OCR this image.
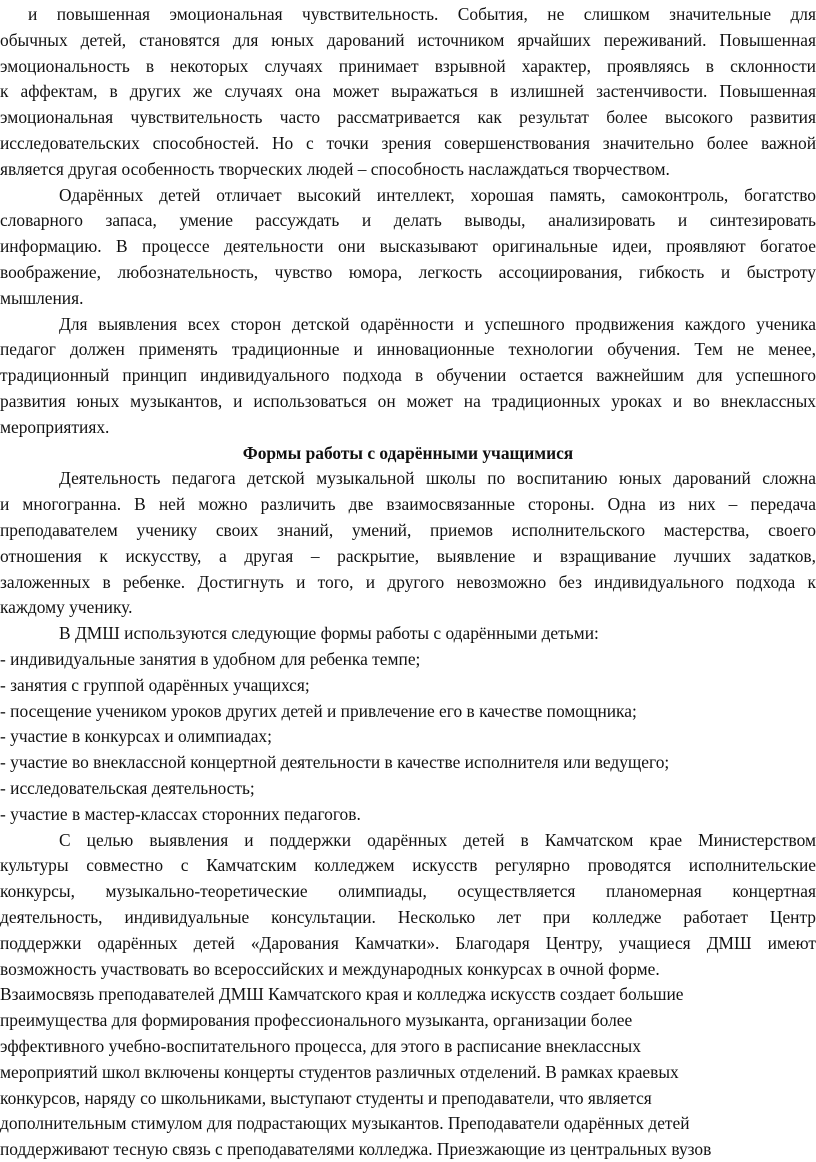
и повышенная эмоциональная чувствительность. События, не слишком значительные для
обычных детей, становятся для юных дарований источником ярчайших переживаний. Повышенная
эмоциональность в некоторых случаях принимает взрывной характер, проявляясь в склонности
к аффектам, в других же случаях она может выражаться в излишней застенчивости. Повышенная
эмоциональная чувствительность часто рассматривается как результат более высокого развития
исследовательских способностей. Но с точки зрения совершенствования значительно более важной
является другая особенность творческих людей – способность наслаждаться творчеством.
Одарённых детей отличает высокий интеллект, хорошая память, самоконтроль, богатство
словарного запаса, умение рассуждать и делать выводы, анализировать и синтезировать
информацию. В процессе деятельности они высказывают оригинальные идеи, проявляют богатое
воображение, любознательность, чувство юмора, легкость ассоциирования, гибкость и быстроту
мышления.
Для выявления всех сторон детской одарённости и успешного продвижения каждого ученика
педагог должен применять традиционные и инновационные технологии обучения. Тем не менее,
традиционный принцип индивидуального подхода в обучении остается важнейшим для успешного
развития юных музыкантов, и использоваться он может на традиционных уроках и во внеклассных
мероприятиях.
Формы работы с одарёнными учащимися
Деятельность педагога детской музыкальной школы по воспитанию юных дарований сложна
и многогранна. В ней можно различить две взаимосвязанные стороны. Одна из них – передача
преподавателем ученику своих знаний, умений, приемов исполнительского мастерства, своего
отношения к искусству, а другая – раскрытие, выявление и взращивание лучших задатков,
заложенных в ребенке. Достигнуть и того, и другого невозможно без индивидуального подхода к
каждому ученику.
В ДМШ используются следующие формы работы с одарёнными детьми:
- индивидуальные занятия в удобном для ребенка темпе;
- занятия с группой одарённых учащихся;
- посещение учеником уроков других детей и привлечение его в качестве помощника;
- участие в конкурсах и олимпиадах;
- участие во внеклассной концертной деятельности в качестве исполнителя или ведущего;
- исследовательская деятельность;
- участие в мастер-классах сторонних педагогов.
С целью выявления и поддержки одарённых детей в Камчатском крае Министерством
культуры совместно с Камчатским колледжем искусств регулярно проводятся исполнительские
конкурсы, музыкально-теоретические олимпиады, осуществляется планомерная концертная
деятельность, индивидуальные консультации. Несколько лет при колледже работает Центр
поддержки одарённых детей «Дарования Камчатки». Благодаря Центру, учащиеся ДМШ имеют
возможность участвовать во всероссийских и международных конкурсах в очной форме.
Взаимосвязь преподавателей ДМШ Камчатского края и колледжа искусств создает большие
преимущества для формирования профессионального музыканта, организации более
эффективного учебно-воспитательного процесса, для этого в расписание внеклассных
мероприятий школ включены концерты студентов различных отделений. В рамках краевых
конкурсов, наряду со школьниками, выступают студенты и преподаватели, что является
дополнительным стимулом для подрастающих музыкантов. Преподаватели одарённых детей
поддерживают тесную связь с преподавателями колледжа. Приезжающие из центральных вузов
